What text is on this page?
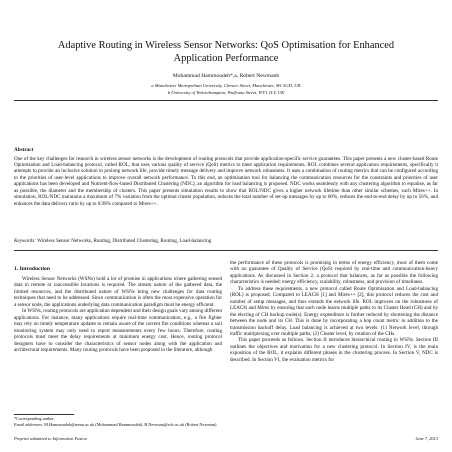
Adaptive Routing in Wireless Sensor Networks: QoS Optimisation for Enhanced Application Performance
Mohammad Hammoudeh*,a, Robert Newmanb
a Manchester Metropolitan University, Chester Street, Manchester, M1 5GD, UK
b University of Wolverhampton, Wulfruna Street, WV1 1LY, UK
Abstract
One of the key challenges for research in wireless sensor networks is the development of routing protocols that provide application-specific service guarantees. This paper presents a new cluster-based Route Optimisation and Load-balancing protocol, called ROL, that uses various quality of service (QoS) metrics to meet application requirements. ROL combines several application requirements, specifically it attempts to provide an inclusive solution to prolong network life, provide timely message delivery and improve network robustness. It uses a combination of routing metrics that can be configured according to the priorities of user-level applications to improve overall network performance. To this end, an optimisation tool for balancing the communication resources for the constraints and priorities of user applications has been developed and Nutrient-flow-based Distributed Clustering (NDC), an algorithm for load balancing is proposed. NDC works seamlessly with any clustering algorithm to equalise, as far as possible, the diameter and the membership of clusters. This paper presents simulation results to show that ROL/NDC gives a higher network lifetime than other similar schemes, such Mires++. In simulation, ROL/NDC maintains a maximum of 7% variation from the optimal cluster population, reduces the total number of set-up messages by up to 60%, reduces the end-to-end delay by up to 56%, and enhances the data delivery ratio by up to 0.98% compared to Mires++.
Keywords: Wireless Sensor Networks, Routing, Distributed Clustering, Routing, Load-balancing
1. Introduction

Wireless Sensor Networks (WSNs) hold a lot of promise in applications where gathering sensed data in remote or inaccessible locations is required. The stream nature of the gathered data, the limited resources, and the distributed nature of WSNs bring new challenges for data routing techniques that need to be addressed. Since communication is often the most expensive operation for a sensor node, the applications underlying data communication paradigm must be energy efficient.

In WSNs, routing protocols are application dependent and their design goals vary among different applications. For instance, many applications require real-time communication, e.g., a fire fighter may rely on timely temperature updates to remain aware of the current fire conditions whereas a soil monitoring system may only need to report measurements every few hours. Therefore, routing protocols must meet the delay requirements at minimum energy cost. Hence, routing protocol designers have to consider the characteristics of sensor nodes along with the application and architectural requirements. Many routing protocols have been proposed in the literature, although

the performance of these protocols is promising in terms of energy efficiency, most of them come with no guarantee of Quality of Service (QoS) required by real-time and communication-heavy applications. As discussed in Section 2, a protocol that balances, as far as possible the following characteristics is needed: energy efficiency, scalability, robustness, and provision of timeliness.

To address these requirements, a new protocol called Route Optimisation and Load-balancing (ROL) is proposed. Compared to LEACH [1] and Mires++ [2], this protocol reduces the cost and number of setup messages, and thus extends the network life. ROL improves on the robustness of LEACH and Mires by ensuring that each node learns multiple paths to its Cluster Head (CH) and by the electing of CH backup node(s). Energy expenditure is further reduced by shortening the distance between the node and its CH. This is done by incorporating a hop count metric in addition to the transmission backoff delay. Load balancing is achieved at two levels: (1) Network level, through traffic multiplexing over multiple paths; (2) Cluster level, by rotation of the CHs.

This paper proceeds as follows. Section II introduces hierarchical routing in WSNs. Section III outlines the objectives and motivation for a new clustering protocol. In Section IV, is the main exposition of the ROL, it explains different phases in the clustering process. In Section V, NDC is described. In Section VI, the evaluation metrics for

*Corresponding author
Email addresses: M.Hammoudeh@mmu.ac.uk (Mohammad Hammoudeh), R.Newman@wlv.ac.uk (Robert Newman)
Preprint submitted to Information Fusion	June 7, 2013
